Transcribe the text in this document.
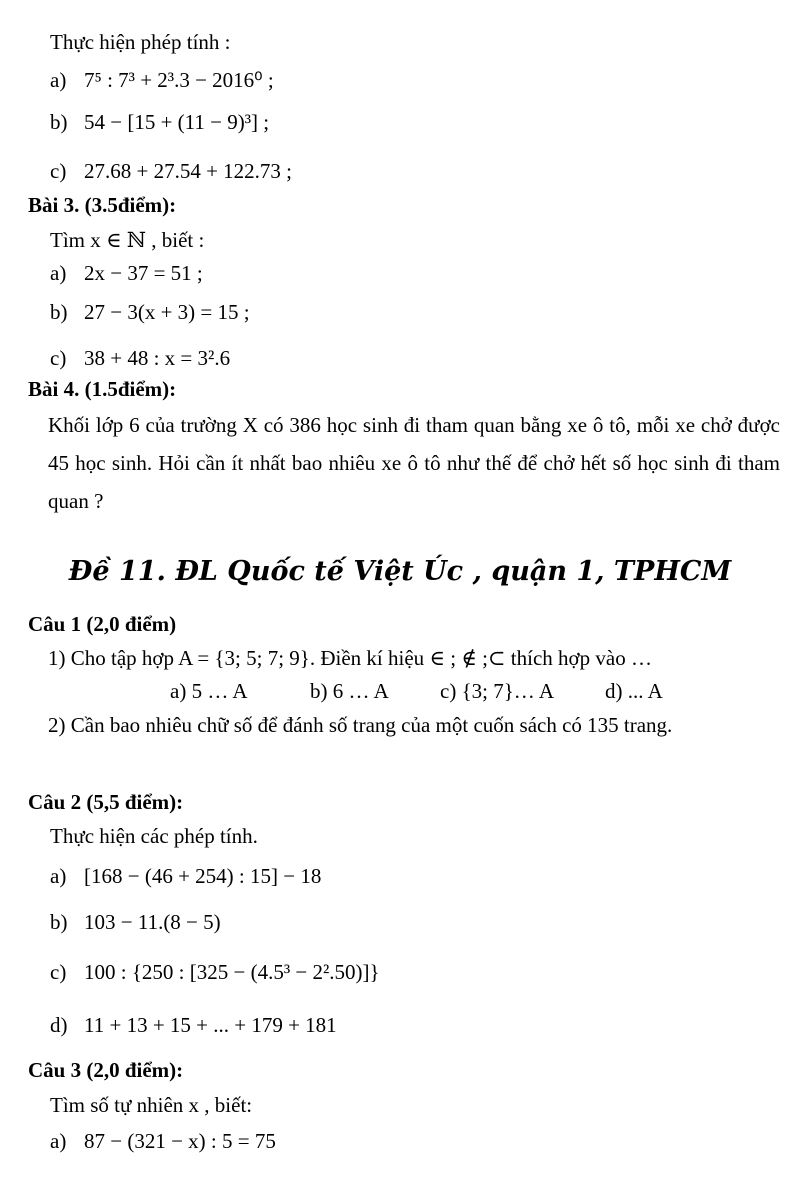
Thực hiện phép tính :
a) 7⁵ : 7³ + 2³.3 − 2016⁰ ;
b) 54 − [15 + (11 − 9)³] ;
c) 27.68 + 27.54 + 122.73 ;
Bài 3. (3.5điểm):
Tìm x ∈ ℕ , biết :
a) 2x − 37 = 51 ;
b) 27 − 3(x + 3) = 15 ;
c) 38 + 48 : x = 3².6
Bài 4. (1.5điểm):
Khối lớp 6 của trường X có 386 học sinh đi tham quan bằng xe ô tô, mỗi xe chở được 45 học sinh. Hỏi cần ít nhất bao nhiêu xe ô tô như thế để chở hết số học sinh đi tham quan ?
Đề 11. ĐL Quốc tế Việt Úc , quận 1, TPHCM
Câu 1 (2,0 điểm)
1) Cho tập hợp A = {3; 5; 7; 9}. Điền kí hiệu ∈ ; ∉ ;⊂ thích hợp vào …
a) 5 … A	b) 6 … A c) {3; 7}… A d) ... A
2) Cần bao nhiêu chữ số để đánh số trang của một cuốn sách có 135 trang.
Câu 2 (5,5 điểm):
Thực hiện các phép tính.
a) [168 − (46 + 254) : 15] − 18
b) 103 − 11.(8 − 5)
c) 100 : {250 : [325 − (4.5³ − 2².50)]}
d) 11 + 13 + 15 + ... + 179 + 181
Câu 3 (2,0 điểm):
Tìm số tự nhiên x , biết:
a) 87 − (321 − x) : 5 = 75
